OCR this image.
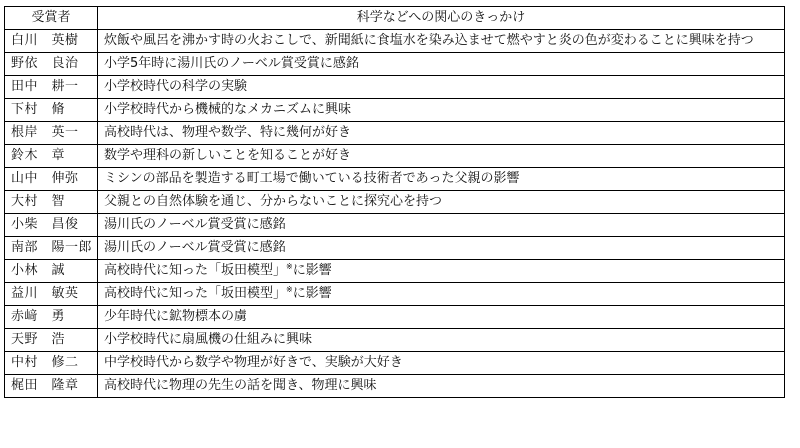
受賞者	科学などへの関心のきっかけ
白川　英樹	炊飯や風呂を沸かす時の火おこしで、新聞紙に食塩水を染み込ませて燃やすと炎の色が変わることに興味を持つ
野依　良治	小学5年時に湯川氏のノーベル賞受賞に感銘
田中　耕一	小学校時代の科学の実験
下村　脩	小学校時代から機械的なメカニズムに興味
根岸　英一	高校時代は、物理や数学、特に幾何が好き
鈴木　章	数学や理科の新しいことを知ることが好き
山中　伸弥	ミシンの部品を製造する町工場で働いている技術者であった父親の影響
大村　智	父親との自然体験を通じ、分からないことに探究心を持つ
小柴　昌俊	湯川氏のノーベル賞受賞に感銘
南部　陽一郎	湯川氏のノーベル賞受賞に感銘
小林　誠	高校時代に知った「坂田模型」※に影響
益川　敏英	高校時代に知った「坂田模型」※に影響
赤﨑　勇	少年時代に鉱物標本の虜
天野　浩	小学校時代に扇風機の仕組みに興味
中村　修二	中学校時代から数学や物理が好きで、実験が大好き
梶田　隆章	高校時代に物理の先生の話を聞き、物理に興味
